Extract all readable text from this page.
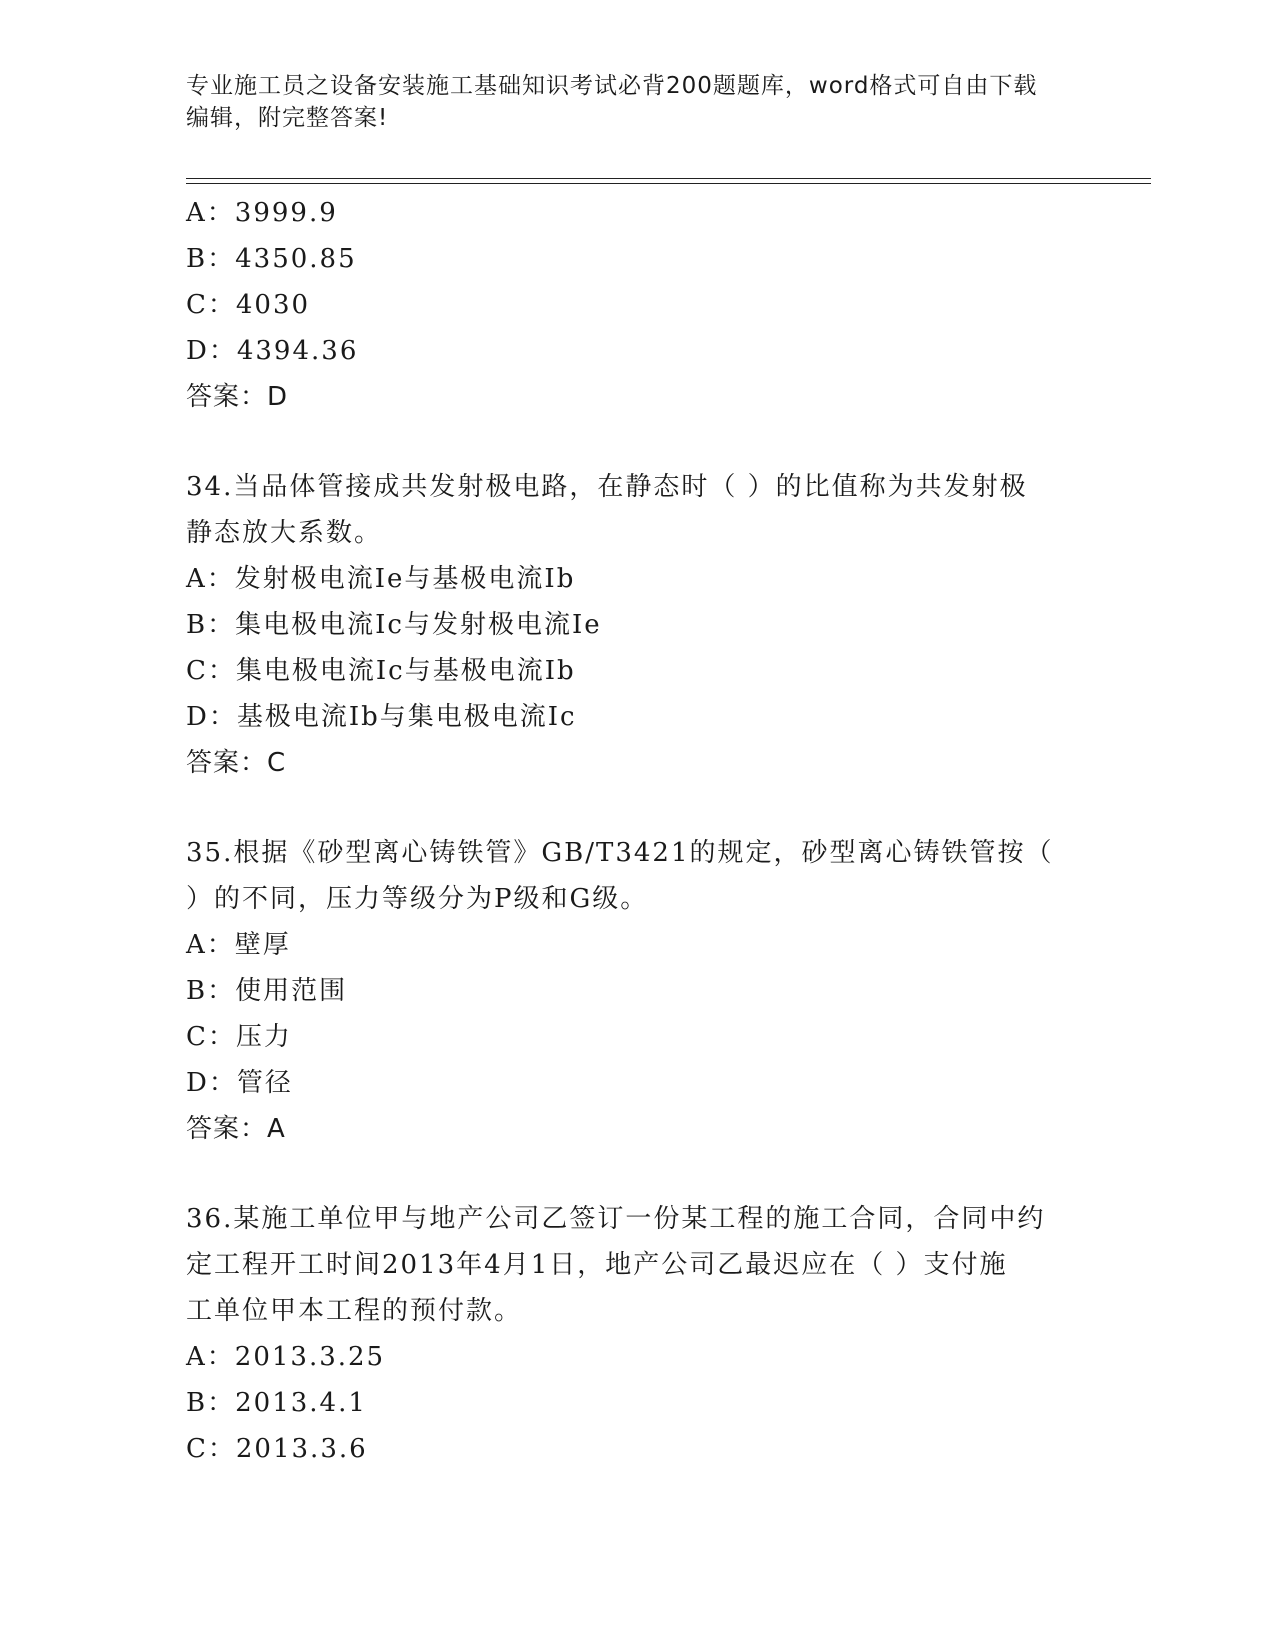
专业施工员之设备安装施工基础知识考试必背200题题库，word格式可自由下载
编辑，附完整答案!
A：3999.9
B：4350.85
C：4030
D：4394.36
答案：D
34.当品体管接成共发射极电路，在静态时（ ）的比值称为共发射极
静态放大系数。
A：发射极电流Ie与基极电流Ib
B：集电极电流Ic与发射极电流Ie
C：集电极电流Ic与基极电流Ib
D：基极电流Ib与集电极电流Ic
答案：C
35.根据《砂型离心铸铁管》GB/T3421的规定，砂型离心铸铁管按（
）的不同，压力等级分为P级和G级。
A：壁厚
B：使用范围
C：压力
D：管径
答案：A
36.某施工单位甲与地产公司乙签订一份某工程的施工合同，合同中约
定工程开工时间2013年4月1日，地产公司乙最迟应在（ ）支付施
工单位甲本工程的预付款。
A：2013.3.25
B：2013.4.1
C：2013.3.6
